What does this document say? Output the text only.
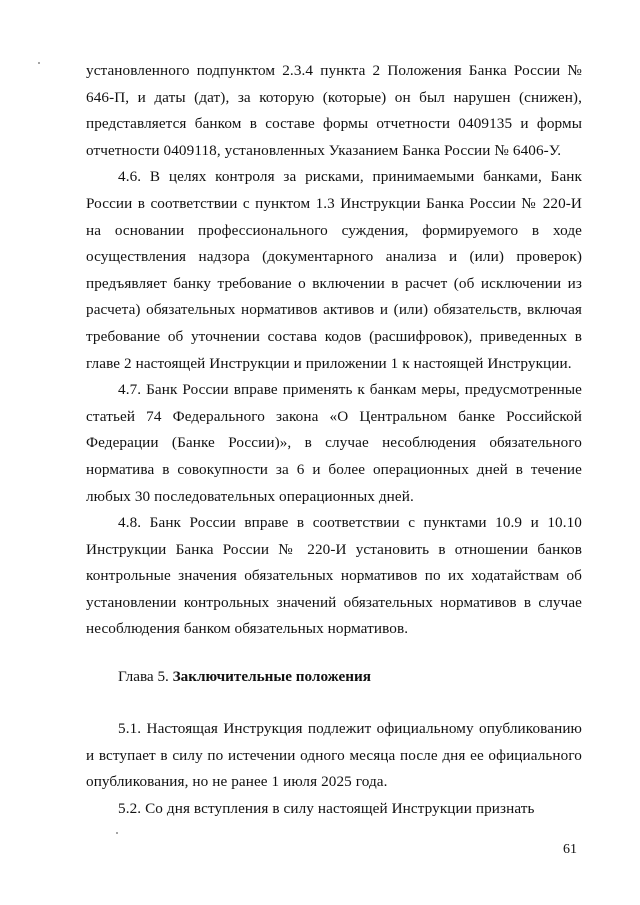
установленного подпунктом 2.3.4 пункта 2 Положения Банка России № 646-П, и даты (дат), за которую (которые) он был нарушен (снижен), представляется банком в составе формы отчетности 0409135 и формы отчетности 0409118, установленных Указанием Банка России № 6406-У.

4.6. В целях контроля за рисками, принимаемыми банками, Банк России в соответствии с пунктом 1.3 Инструкции Банка России № 220-И на основании профессионального суждения, формируемого в ходе осуществления надзора (документарного анализа и (или) проверок) предъявляет банку требование о включении в расчет (об исключении из расчета) обязательных нормативов активов и (или) обязательств, включая требование об уточнении состава кодов (расшифровок), приведенных в главе 2 настоящей Инструкции и приложении 1 к настоящей Инструкции.

4.7. Банк России вправе применять к банкам меры, предусмотренные статьей 74 Федерального закона «О Центральном банке Российской Федерации (Банке России)», в случае несоблюдения обязательного норматива в совокупности за 6 и более операционных дней в течение любых 30 последовательных операционных дней.

4.8. Банк России вправе в соответствии с пунктами 10.9 и 10.10 Инструкции Банка России № 220-И установить в отношении банков контрольные значения обязательных нормативов по их ходатайствам об установлении контрольных значений обязательных нормативов в случае несоблюдения банком обязательных нормативов.

Глава 5. Заключительные положения

5.1. Настоящая Инструкция подлежит официальному опубликованию и вступает в силу по истечении одного месяца после дня ее официального опубликования, но не ранее 1 июля 2025 года.

5.2. Со дня вступления в силу настоящей Инструкции признать

61
